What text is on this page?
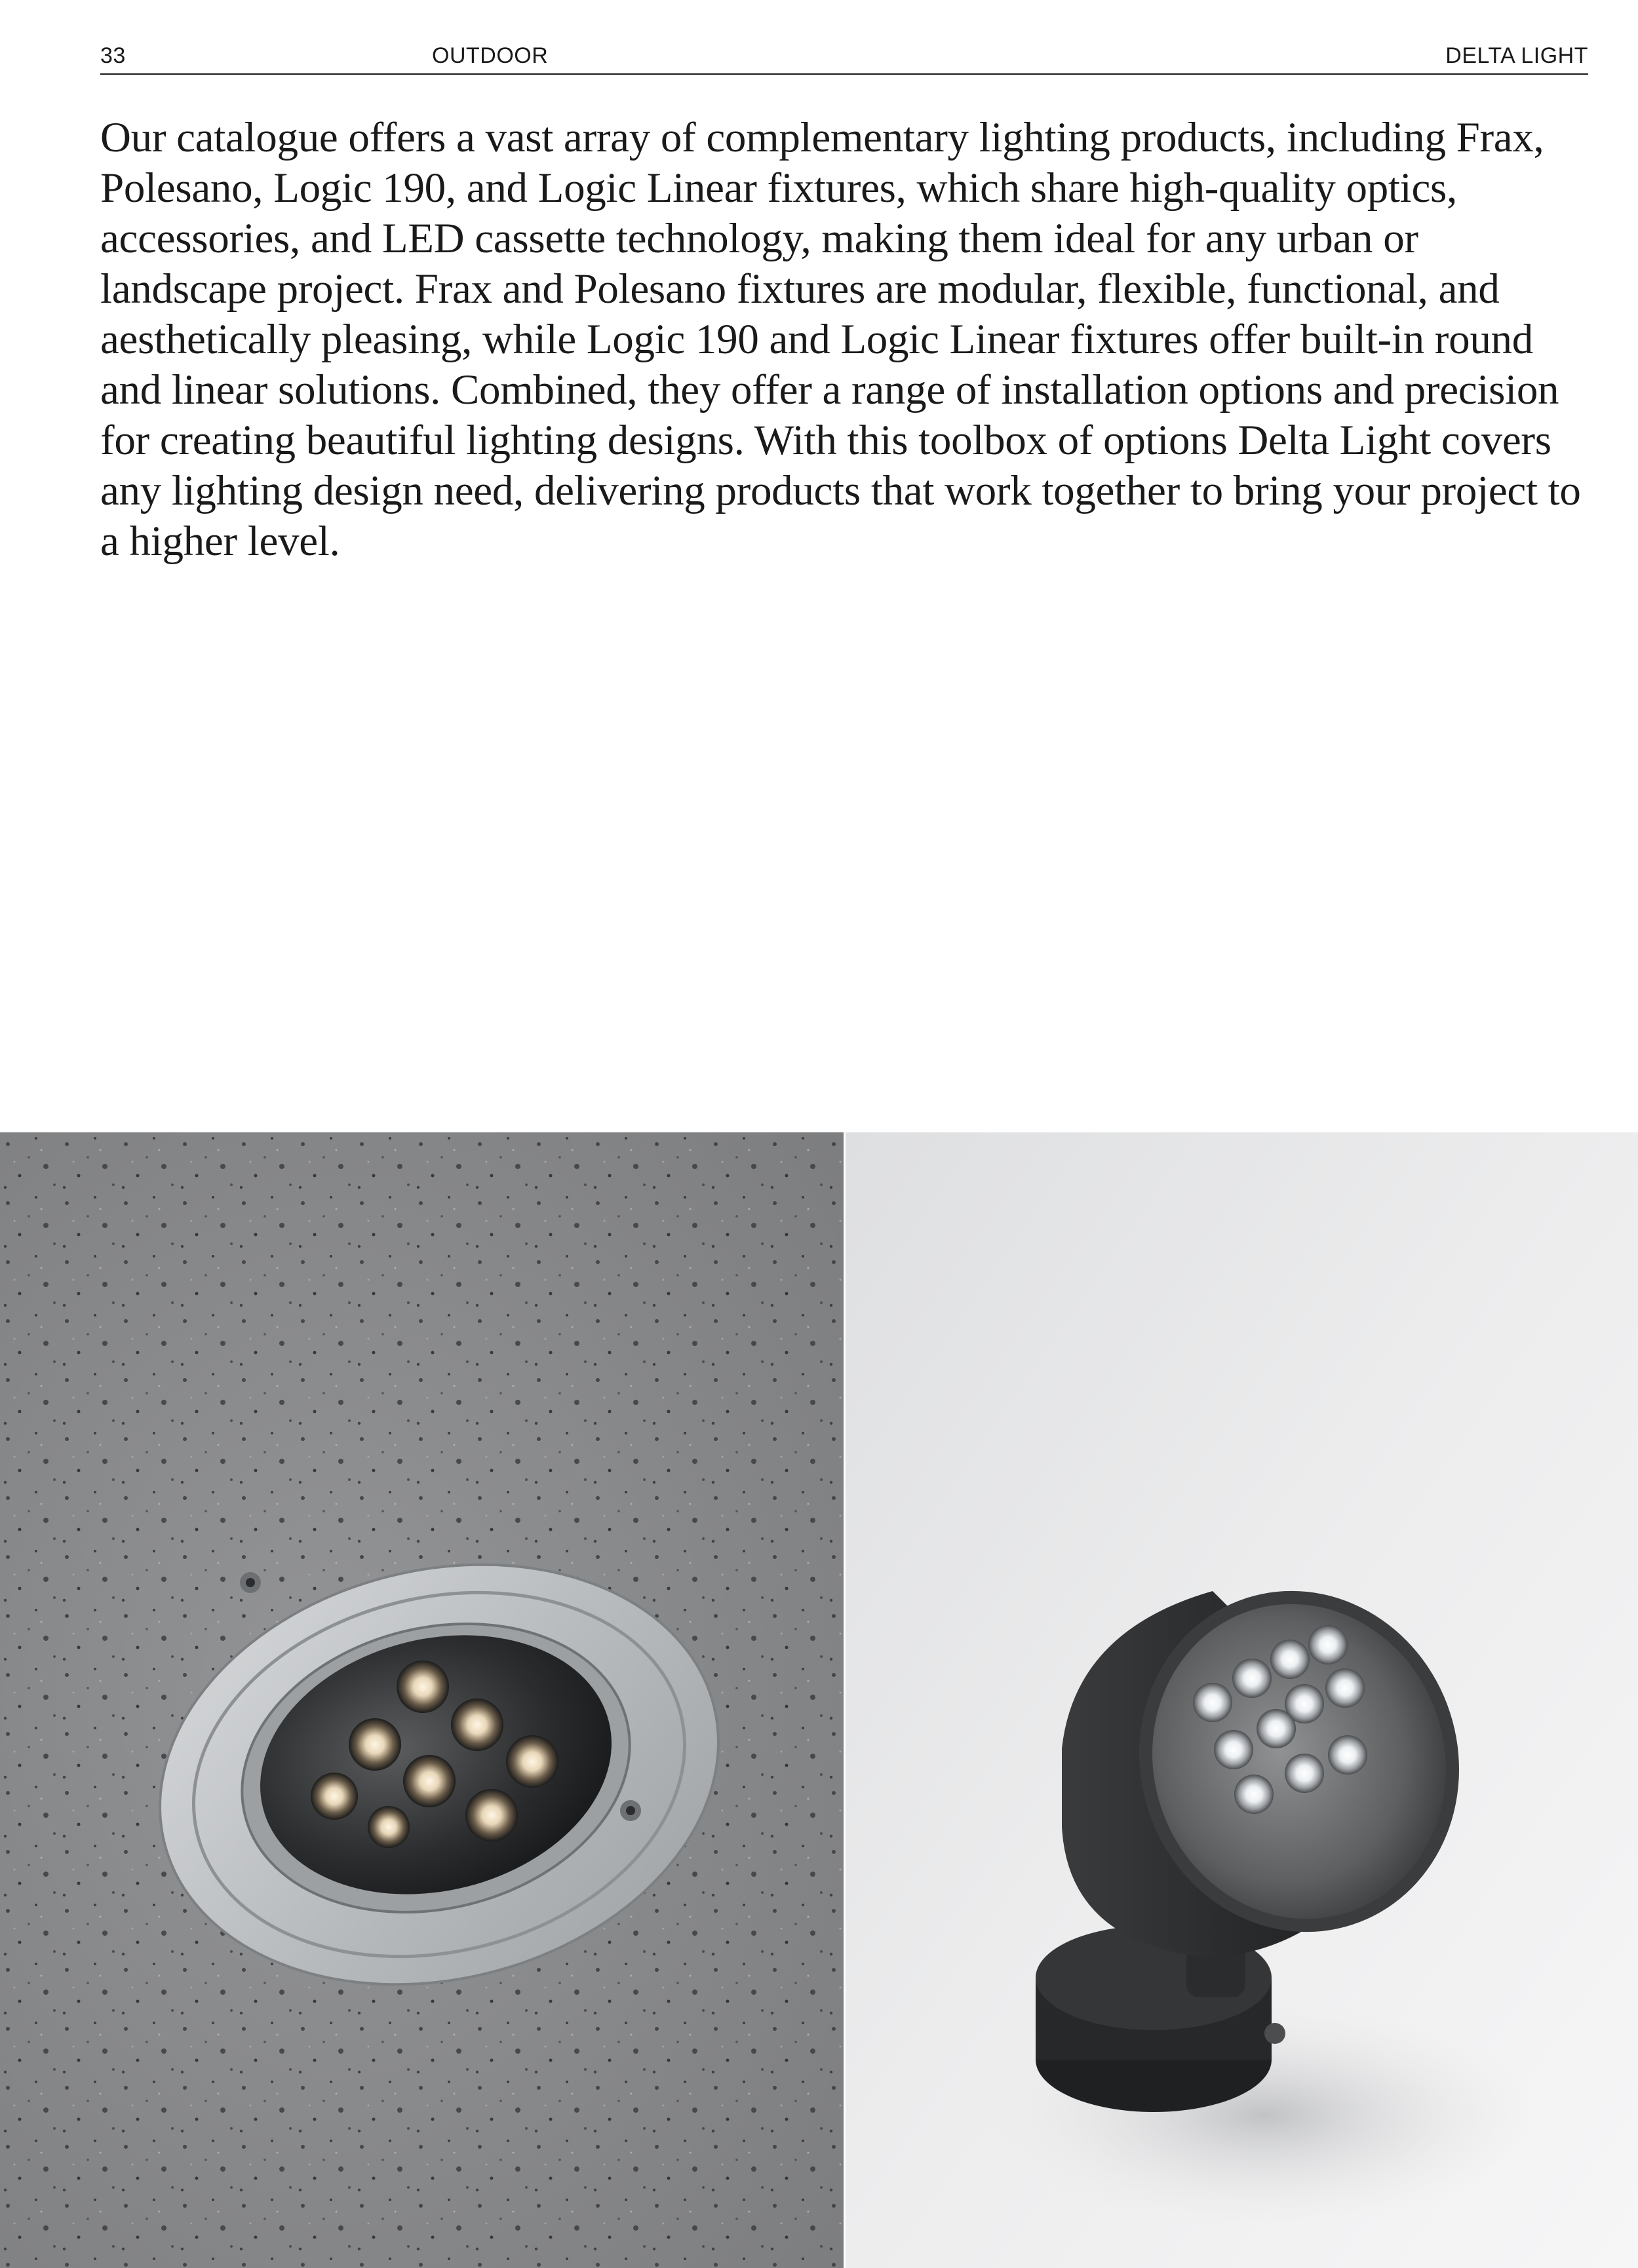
33	OUTDOOR	DELTA LIGHT

Our catalogue offers a vast array of complementary lighting products, including Frax, Polesano, Logic 190, and Logic Linear fixtures, which share high-quality optics, accessories, and LED cassette technology, making them ideal for any urban or landscape project. Frax and Polesano fixtures are modular, flexible, functional, and aesthetically pleasing, while Logic 190 and Logic Linear fixtures offer built-in round and linear solutions. Combined, they offer a range of installation options and precision for creating beautiful lighting designs. With this toolbox of options Delta Light covers any lighting design need, delivering products that work together to bring your project to a higher level.
